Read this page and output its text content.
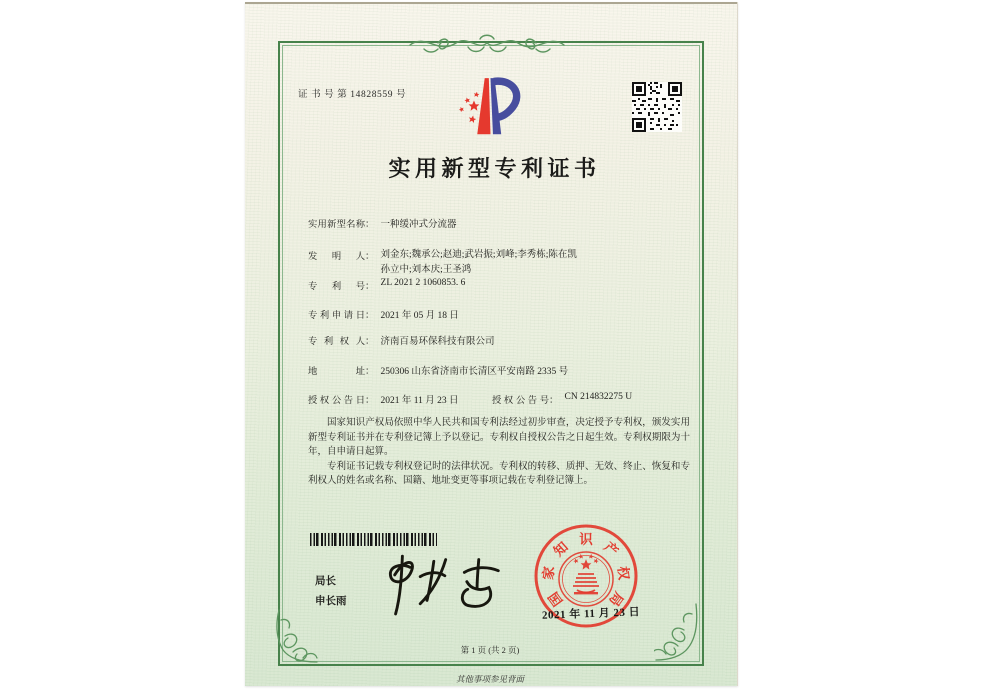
证 书 号 第 14828559 号
实用新型专利证书
实用新型名称： 一种缓冲式分流器
发明人： 刘金东;魏承公;赵迪;武岩振;刘峰;李秀栋;陈在凯
孙立中;刘本庆;王圣鸿
专利号： ZL 2021 2 1060853. 6
专利申请日： 2021 年 05 月 18 日
专利权人： 济南百易环保科技有限公司
地址： 250306 山东省济南市长清区平安南路 2335 号
授权公告日： 2021 年 11 月 23 日	授权公告号： CN 214832275 U

国家知识产权局依照中华人民共和国专利法经过初步审查，决定授予专利权，颁发实用新型专利证书并在专利登记簿上予以登记。专利权自授权公告之日起生效。专利权期限为十年，自申请日起算。

专利证书记载专利权登记时的法律状况。专利权的转移、质押、无效、终止、恢复和专利权人的姓名或名称、国籍、地址变更等事项记载在专利登记簿上。

局长
申长雨	国
家
知 识 产
权
局
2021 年 11 月 23 日
第 1 页 (共 2 页)
其他事项参见背面
